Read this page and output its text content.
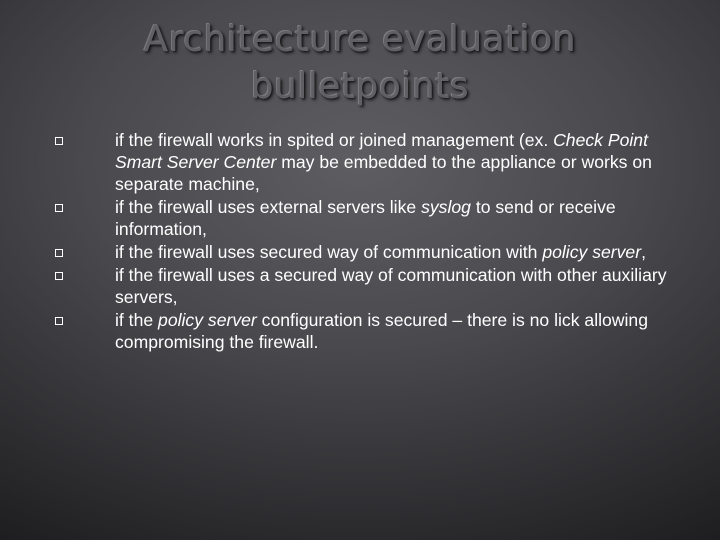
Architecture evaluation
bulletpoints
if the firewall works in spited or joined management (ex. Check Point Smart Server Center may be embedded to the appliance or works on separate machine,
if the firewall uses external servers like syslog to send or receive information,
if the firewall uses secured way of communication with policy server,
if the firewall uses a secured way of communication with other auxiliary servers,
if the policy server configuration is secured – there is no lick allowing compromising the firewall.
